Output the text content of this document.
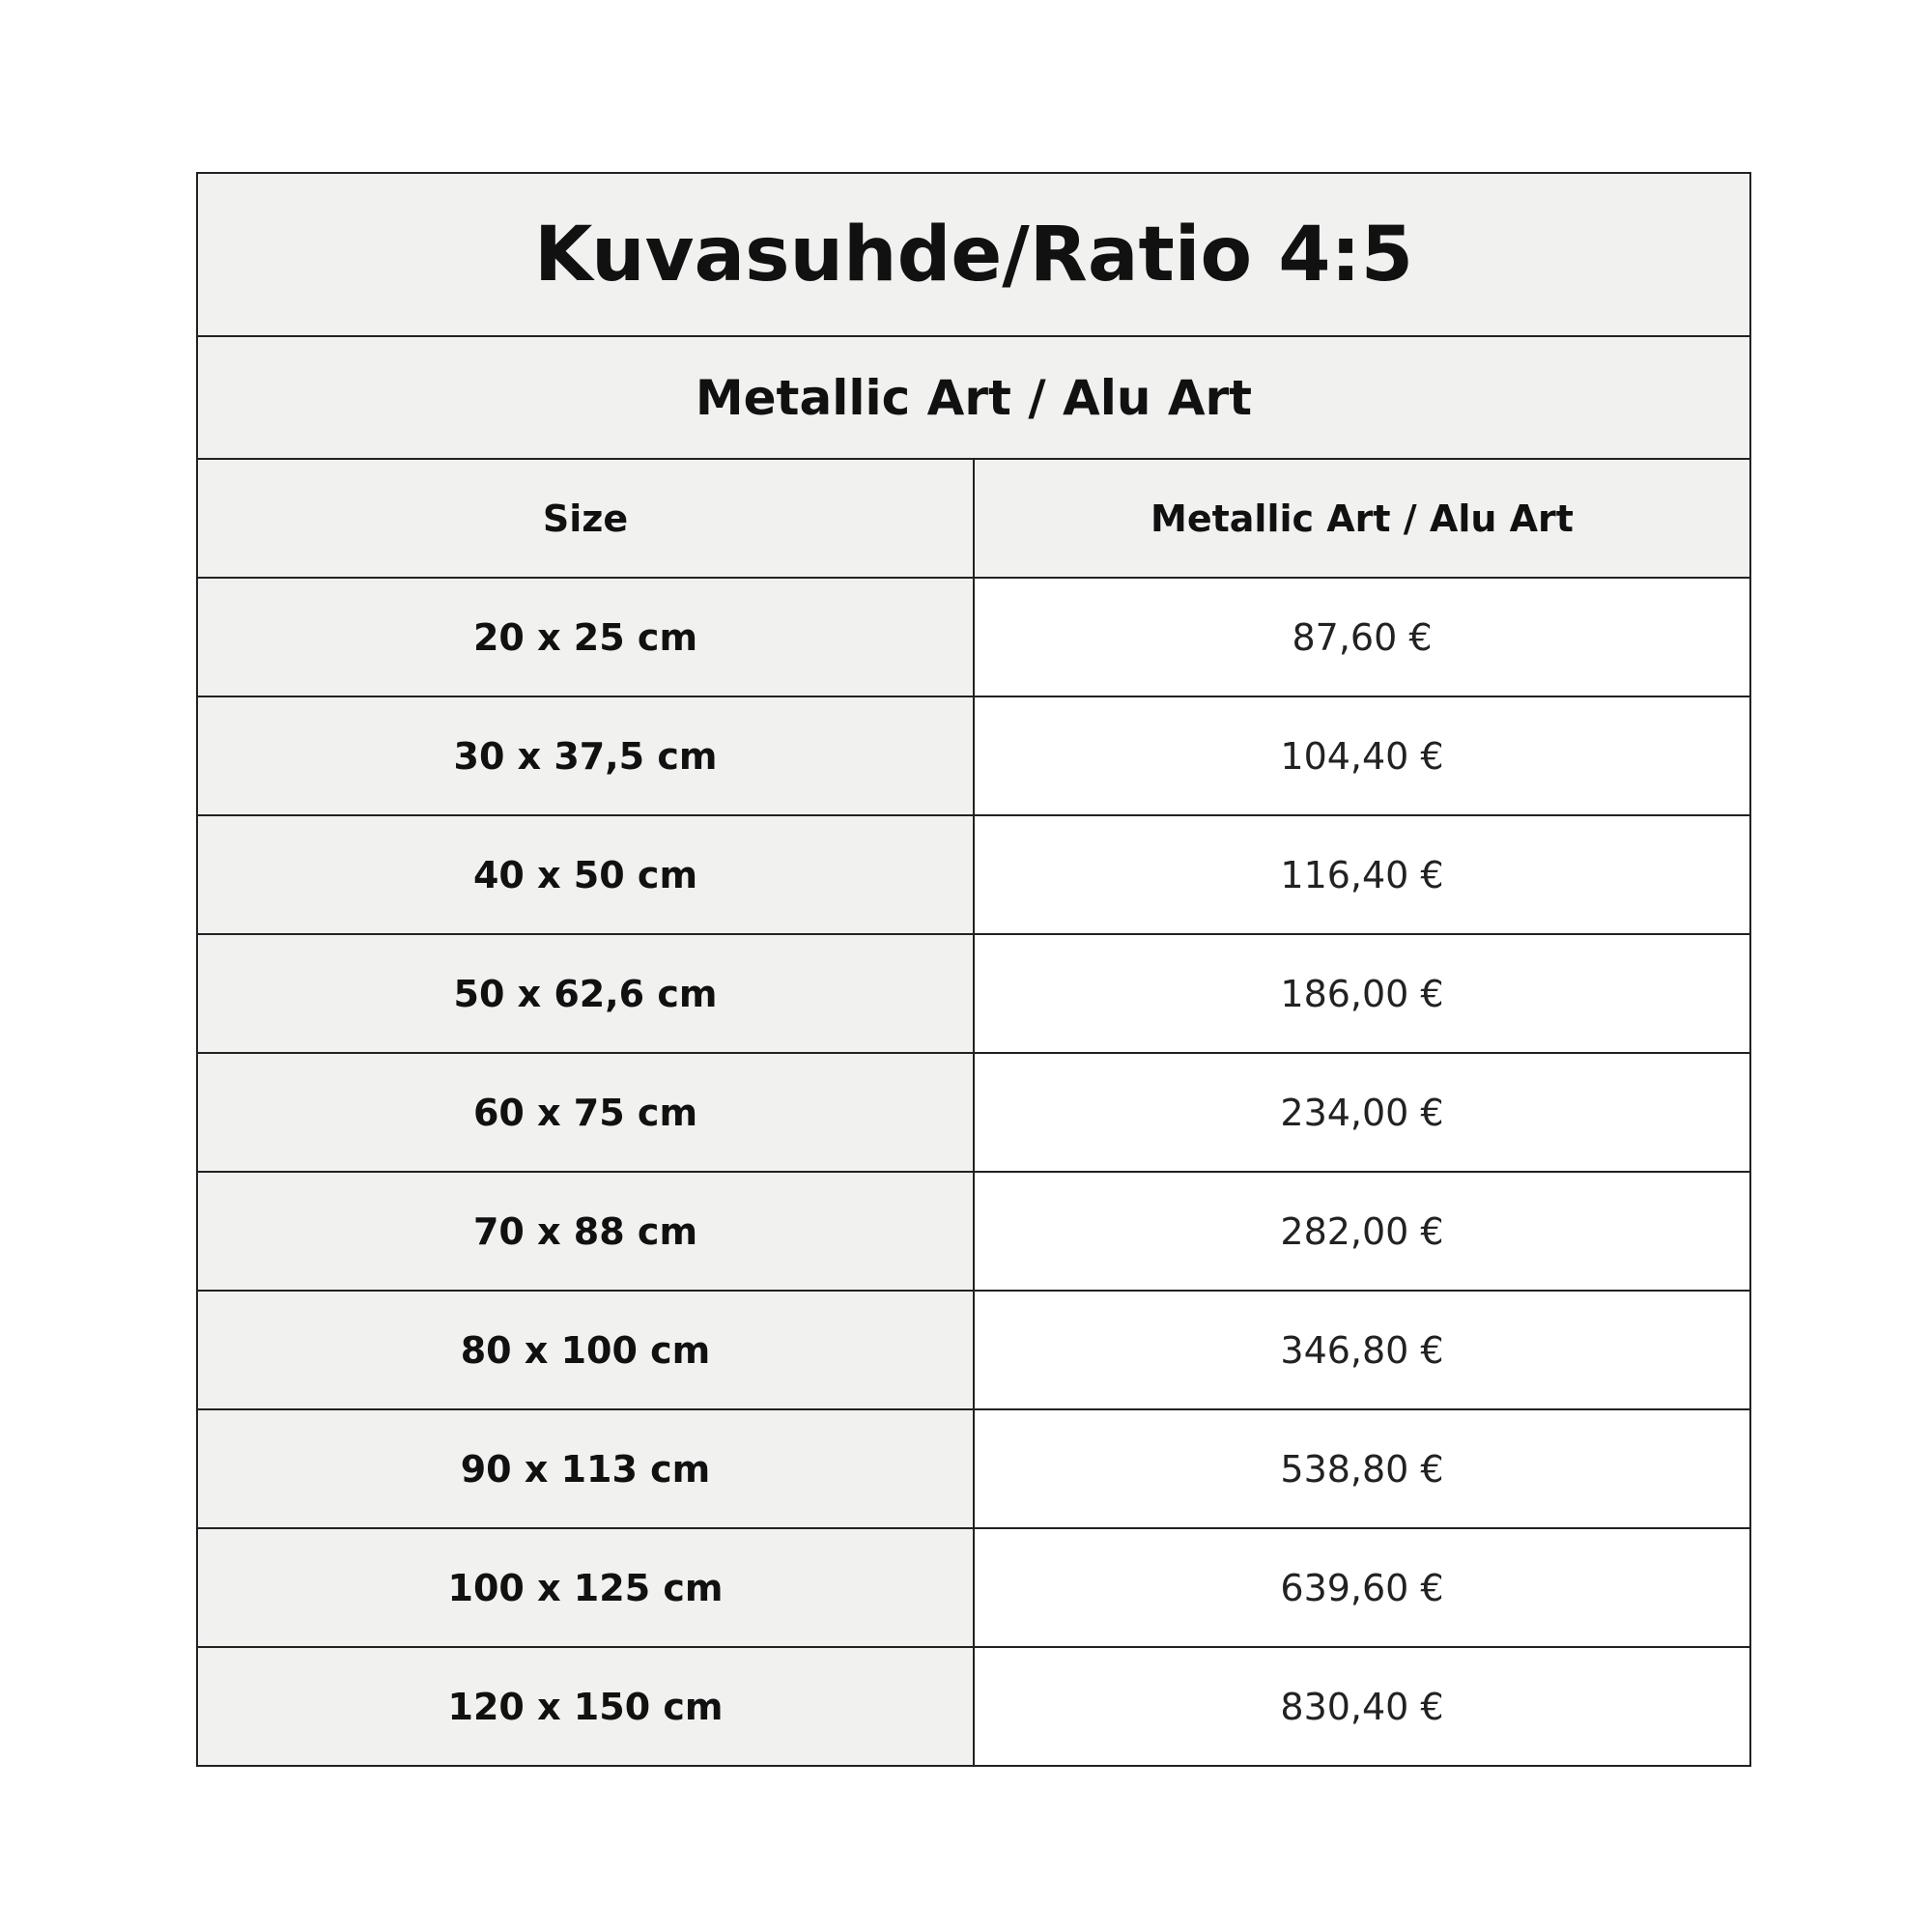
Kuvasuhde/Ratio 4:5	
Metallic Art / Alu Art	
Size	Metallic Art / Alu Art
20 x 25 cm	87,60 €
30 x 37,5 cm	104,40 €
40 x 50 cm	116,40 €
50 x 62,6 cm	186,00 €
60 x 75 cm	234,00 €
70 x 88 cm	282,00 €
80 x 100 cm	346,80 €
90 x 113 cm	538,80 €
100 x 125 cm	639,60 €
120 x 150 cm	830,40 €
